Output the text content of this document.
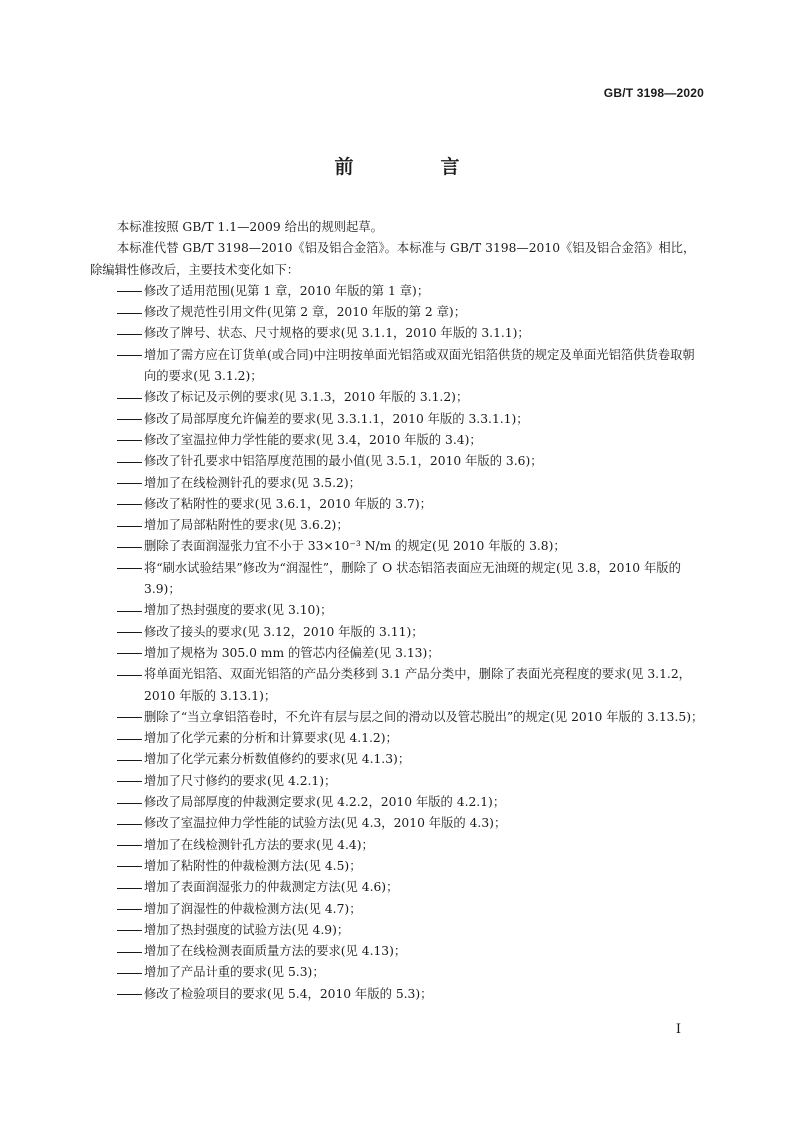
GB/T 3198—2020
前　言

本标准按照 GB/T 1.1—2009 给出的规则起草。

本标准代替 GB/T 3198—2010《铝及铝合金箔》。本标准与 GB/T 3198—2010《铝及铝合金箔》相比，除编辑性修改后，主要技术变化如下：

修改了适用范围(见第 1 章，2010 年版的第 1 章)；

修改了规范性引用文件(见第 2 章，2010 年版的第 2 章)；

修改了牌号、状态、尺寸规格的要求(见 3.1.1，2010 年版的 3.1.1)；

增加了需方应在订货单(或合同)中注明按单面光铝箔或双面光铝箔供货的规定及单面光铝箔供货卷取朝向的要求(见 3.1.2)；

修改了标记及示例的要求(见 3.1.3，2010 年版的 3.1.2)；

修改了局部厚度允许偏差的要求(见 3.3.1.1，2010 年版的 3.3.1.1)；

修改了室温拉伸力学性能的要求(见 3.4，2010 年版的 3.4)；

修改了针孔要求中铝箔厚度范围的最小值(见 3.5.1，2010 年版的 3.6)；

增加了在线检测针孔的要求(见 3.5.2)；

修改了粘附性的要求(见 3.6.1，2010 年版的 3.7)；

增加了局部粘附性的要求(见 3.6.2)；

删除了表面润湿张力宜不小于 33×10⁻³ N/m 的规定(见 2010 年版的 3.8)；

将“刷水试验结果”修改为“润湿性”，删除了 O 状态铝箔表面应无油斑的规定(见 3.8，2010 年版的 3.9)；

增加了热封强度的要求(见 3.10)；

修改了接头的要求(见 3.12，2010 年版的 3.11)；

增加了规格为 305.0 mm 的管芯内径偏差(见 3.13)；

将单面光铝箔、双面光铝箔的产品分类移到 3.1 产品分类中，删除了表面光亮程度的要求(见 3.1.2，2010 年版的 3.13.1)；

删除了“当立拿铝箔卷时，不允许有层与层之间的滑动以及管芯脱出”的规定(见 2010 年版的 3.13.5)；

增加了化学元素的分析和计算要求(见 4.1.2)；

增加了化学元素分析数值修约的要求(见 4.1.3)；

增加了尺寸修约的要求(见 4.2.1)；

修改了局部厚度的仲裁测定要求(见 4.2.2，2010 年版的 4.2.1)；

修改了室温拉伸力学性能的试验方法(见 4.3，2010 年版的 4.3)；

增加了在线检测针孔方法的要求(见 4.4)；

增加了粘附性的仲裁检测方法(见 4.5)；

增加了表面润湿张力的仲裁测定方法(见 4.6)；

增加了润湿性的仲裁检测方法(见 4.7)；

增加了热封强度的试验方法(见 4.9)；

增加了在线检测表面质量方法的要求(见 4.13)；

增加了产品计重的要求(见 5.3)；

修改了检验项目的要求(见 5.4，2010 年版的 5.3)；

I
